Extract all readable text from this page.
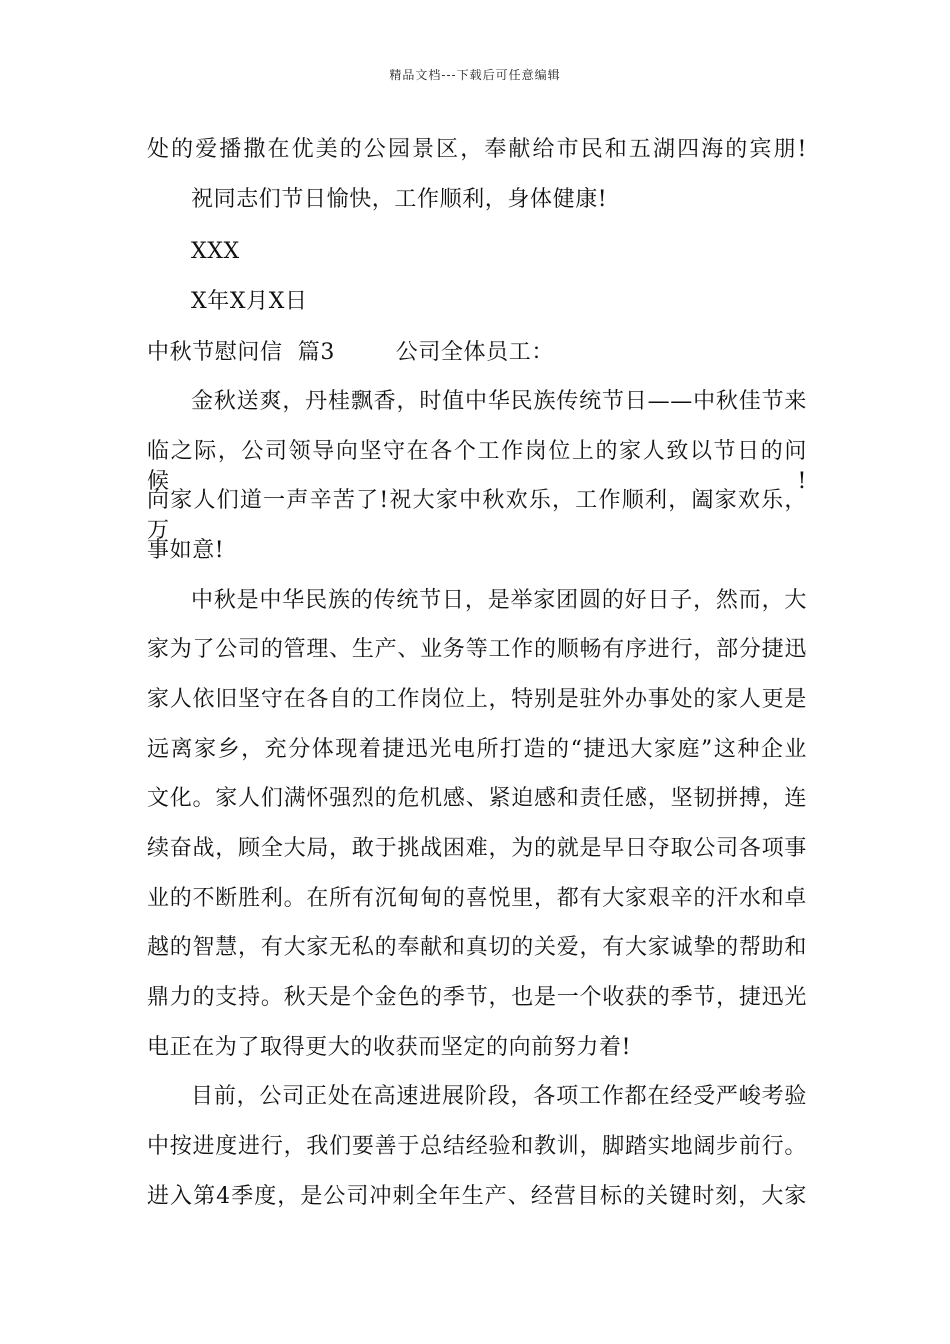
精品文档---下载后可任意编辑
处的爱播撒在优美的公园景区，奉献给市民和五湖四海的宾朋!
祝同志们节日愉快，工作顺利，身体健康!
XXX
X年X月X日
中秋节慰问信  篇3        公司全体员工：
金秋送爽，丹桂飘香，时值中华民族传统节日——中秋佳节来
临之际，公司领导向坚守在各个工作岗位上的家人致以节日的问候!
向家人们道一声辛苦了!祝大家中秋欢乐，工作顺利，阖家欢乐，万
事如意!
中秋是中华民族的传统节日，是举家团圆的好日子，然而，大
家为了公司的管理、生产、业务等工作的顺畅有序进行，部分捷迅
家人依旧坚守在各自的工作岗位上，特别是驻外办事处的家人更是
远离家乡，充分体现着捷迅光电所打造的“捷迅大家庭”这种企业
文化。家人们满怀强烈的危机感、紧迫感和责任感，坚韧拼搏，连
续奋战，顾全大局，敢于挑战困难，为的就是早日夺取公司各项事
业的不断胜利。在所有沉甸甸的喜悦里，都有大家艰辛的汗水和卓
越的智慧，有大家无私的奉献和真切的关爱，有大家诚挚的帮助和
鼎力的支持。秋天是个金色的季节，也是一个收获的季节，捷迅光
电正在为了取得更大的收获而坚定的向前努力着!
目前，公司正处在高速进展阶段，各项工作都在经受严峻考验
中按进度进行，我们要善于总结经验和教训，脚踏实地阔步前行。
进入第4季度，是公司冲刺全年生产、经营目标的关键时刻，大家
